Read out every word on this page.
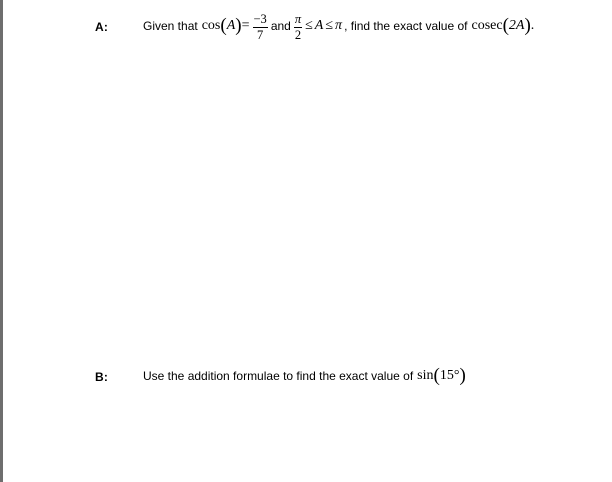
A:	Given that cos ( A ) = $\frac{-3}{7}$ and $\frac{\pi}{2} \le A \le \pi$ , find the exact value of cosec ( 2A ) .
B:	Use the addition formulae to find the exact value of sin ( 15° )
